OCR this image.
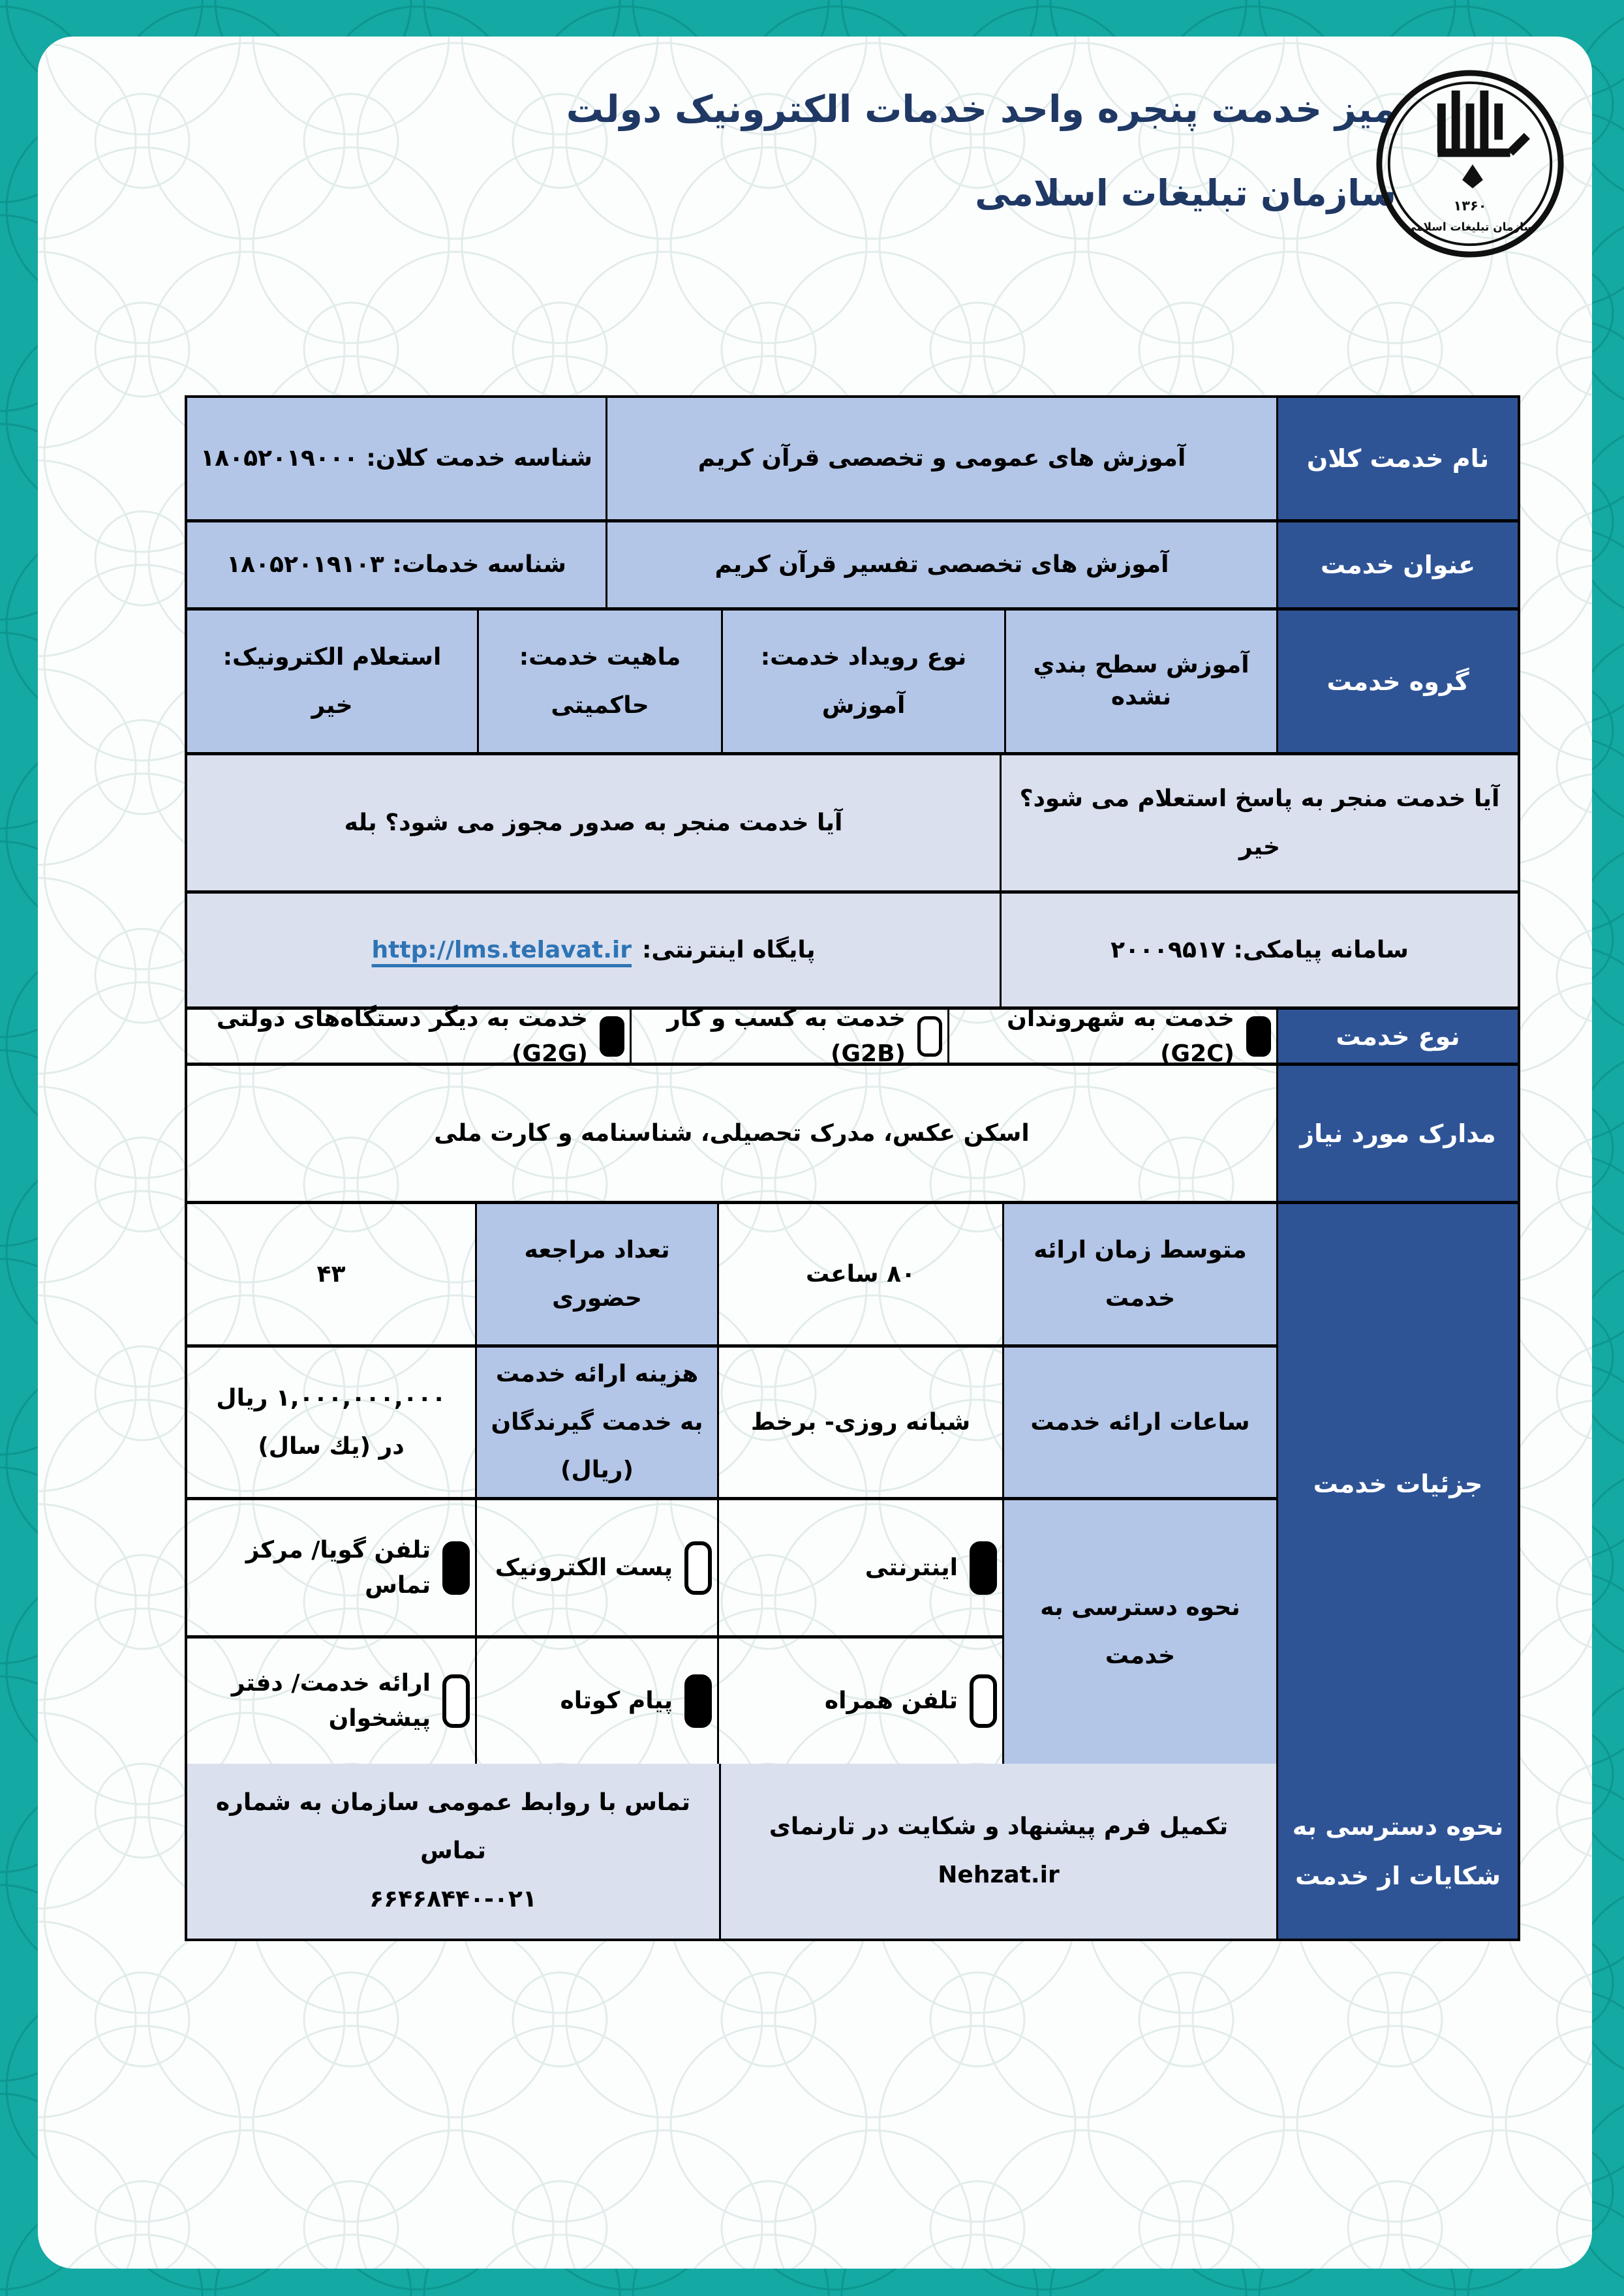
میز خدمت پنجره واحد خدمات الکترونیک دولت
سازمان تبلیغات اسلامی	۱۳۶۰
سازمان تبلیغات اسلامی
نام خدمت کلان
آموزش های عمومی و تخصصی قرآن کریم
شناسه خدمت کلان: ۱۸۰۵۲۰۱۹۰۰۰
عنوان خدمت
آموزش های تخصصی تفسیر قرآن کریم
شناسه خدمات: ۱۸۰۵۲۰۱۹۱۰۳
گروه خدمت
آموزش سطح بندي نشده
نوع رویداد خدمت:
آموزش
ماهیت خدمت:
حاکمیتی
استعلام الکترونیک:
خیر
آیا خدمت منجر به پاسخ استعلام می شود؟ خیر
آیا خدمت منجر به صدور مجوز می شود؟ بله
سامانه پیامکی: ۲۰۰۰۹۵۱۷
پایگاه اینترنتی:
http://lms.telavat.ir
نوع خدمت
خدمت به شهروندان (G2C)
خدمت به کسب و کار (G2B)
خدمت به دیگر دستگاه‌های دولتی (G2G)
مدارک مورد نیاز
اسکن عکس، مدرک تحصیلی، شناسنامه و کارت ملی
جزئیات خدمت
متوسط زمان ارائه خدمت
۸۰ ساعت
تعداد مراجعه حضوری
۴۳
ساعات ارائه خدمت
شبانه روزی- برخط
هزینه ارائه خدمت به خدمت گیرندگان (ریال)
۱,۰۰۰,۰۰۰,۰۰۰ ریال
در (یك سال)
نحوه دسترسی به خدمت
اینترنتی
پست الکترونیک
تلفن گویا/ مرکز تماس
تلفن همراه
پیام کوتاه
ارائه خدمت/ دفتر پیشخوان
نحوه دسترسی به
شکایات از خدمت
تکمیل فرم پیشنهاد و شکایت در تارنمای Nehzat.ir
تماس با روابط عمومی سازمان به شماره تماس
۶۶۴۶۸۴۴۰-۰۲۱
